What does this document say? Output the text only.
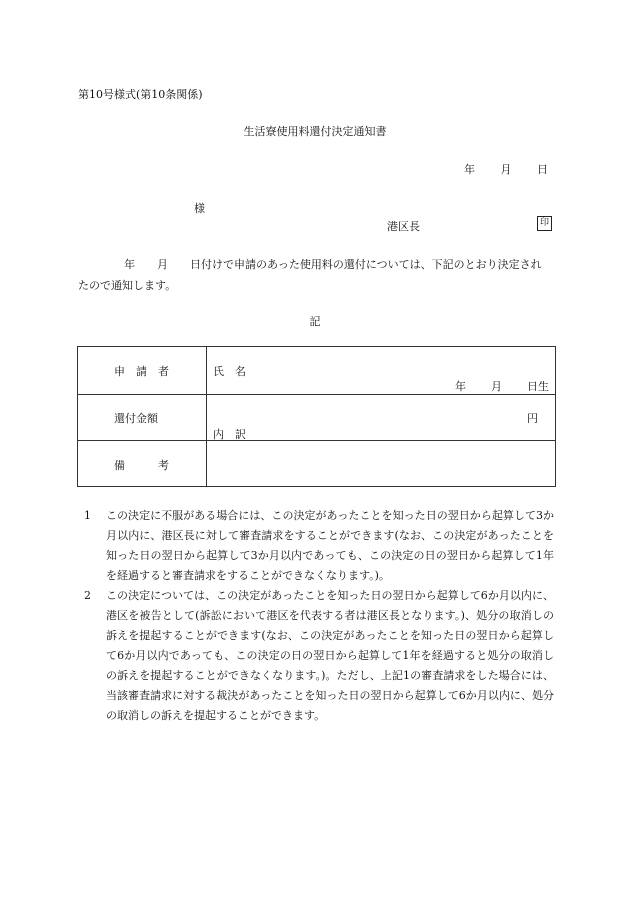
第10号様式(第10条関係)
生活寮使用料還付決定通知書
年 月 日
様
港区長	印
年 月 日付けで申請のあった使用料の還付については、下記のとおり決定されたので通知します。
記
申　請　者	氏　名
年 月 日生
還付金額	円
内　訳
備　　　考
1	この決定に不服がある場合には、この決定があったことを知った日の翌日から起算して3か月以内に、港区長に対して審査請求をすることができます(なお、この決定があったことを知った日の翌日から起算して3か月以内であっても、この決定の日の翌日から起算して1年を経過すると審査請求をすることができなくなります。)。
2	この決定については、この決定があったことを知った日の翌日から起算して6か月以内に、港区を被告として(訴訟において港区を代表する者は港区長となります。)、処分の取消しの訴えを提起することができます(なお、この決定があったことを知った日の翌日から起算して6か月以内であっても、この決定の日の翌日から起算して1年を経過すると処分の取消しの訴えを提起することができなくなります。)。ただし、上記1の審査請求をした場合には、当該審査請求に対する裁決があったことを知った日の翌日から起算して6か月以内に、処分の取消しの訴えを提起することができます。
